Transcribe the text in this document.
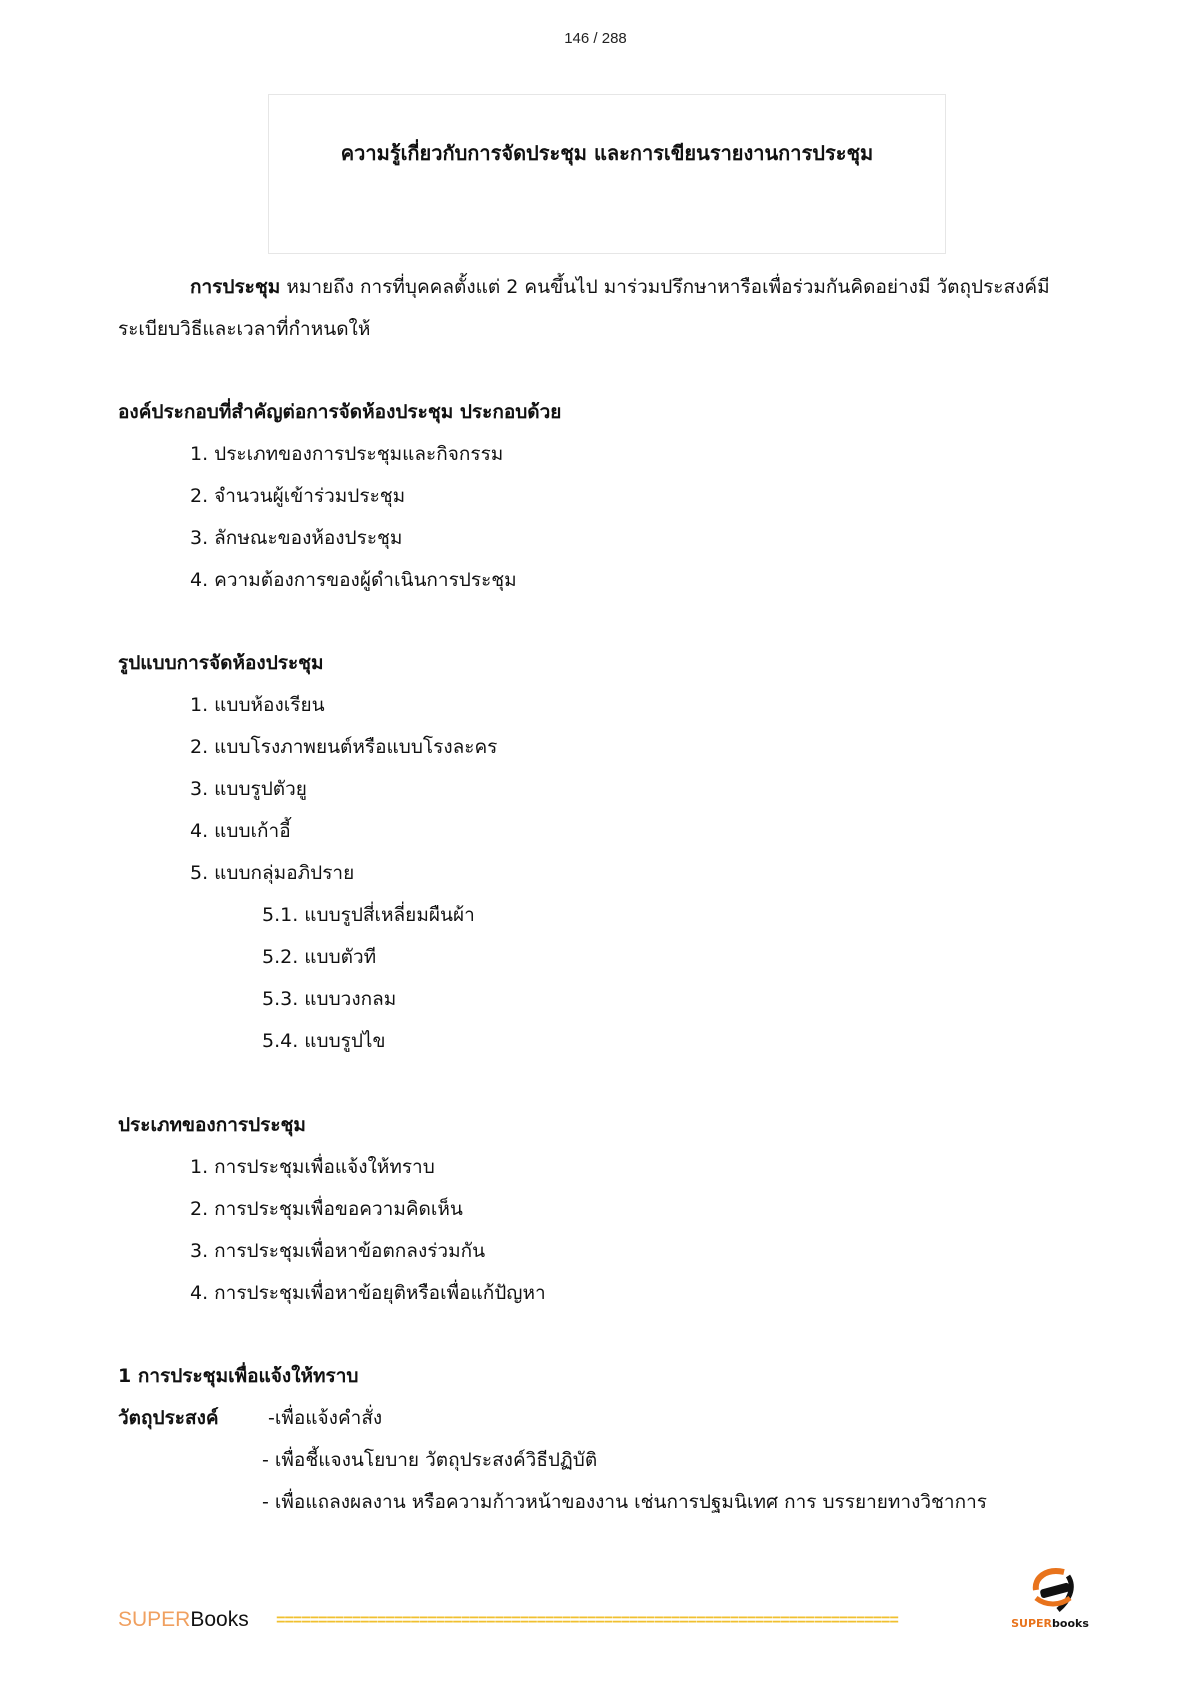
146 / 288
ความรู้เกี่ยวกับการจัดประชุม และการเขียนรายงานการประชุม
การประชุม หมายถึง การที่บุคคลตั้งแต่ 2 คนขึ้นไป มาร่วมปรึกษาหารือเพื่อร่วมกันคิดอย่างมี วัตถุประสงค์มี
ระเบียบวิธีและเวลาที่กำหนดให้
องค์ประกอบที่สำคัญต่อการจัดห้องประชุม ประกอบด้วย
1. ประเภทของการประชุมและกิจกรรม
2. จำนวนผู้เข้าร่วมประชุม
3. ลักษณะของห้องประชุม
4. ความต้องการของผู้ดำเนินการประชุม
รูปแบบการจัดห้องประชุม
1. แบบห้องเรียน
2. แบบโรงภาพยนต์หรือแบบโรงละคร
3. แบบรูปตัวยู
4. แบบเก้าอี้
5. แบบกลุ่มอภิปราย
5.1. แบบรูปสี่เหลี่ยมผืนผ้า
5.2. แบบตัวที
5.3. แบบวงกลม
5.4. แบบรูปไข
ประเภทของการประชุม
1. การประชุมเพื่อแจ้งให้ทราบ
2. การประชุมเพื่อขอความคิดเห็น
3. การประชุมเพื่อหาข้อตกลงร่วมกัน
4. การประชุมเพื่อหาข้อยุติหรือเพื่อแก้ปัญหา
1 การประชุมเพื่อแจ้งให้ทราบ
วัตถุประสงค์	-เพื่อแจ้งคำสั่ง
- เพื่อชี้แจงนโยบาย วัตถุประสงค์วิธีปฏิบัติ
- เพื่อแถลงผลงาน หรือความก้าวหน้าของงาน เช่นการปฐมนิเทศ การ บรรยายทางวิชาการ
SUPERBooks ==========================================================================	SUPERbooks
